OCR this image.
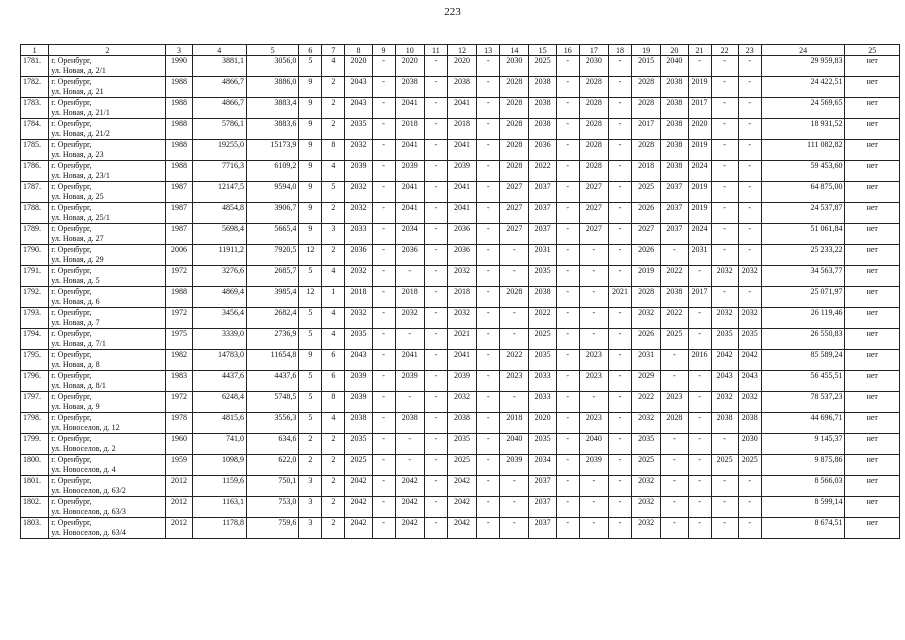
223
1	2	3	4	5	6	7	8	9	10	11	12	13	14	15	16	17	18	19	20	21	22	23	24	25
1781.	г. Оренбург,
ул. Новая, д. 2/1	1990	3881,1	3056,0	5	4	2020	-	2020	-	2020	-	2030	2025	-	2030	-	2015	2040	-	-	-	29 959,83	нет
1782.	г. Оренбург,
ул. Новая, д. 21	1988	4866,7	3886,0	9	2	2043	-	2038	-	2038	-	2028	2038	-	2028	-	2028	2038	2019	-	-	24 422,51	нет
1783.	г. Оренбург,
ул. Новая, д. 21/1	1988	4866,7	3883,4	9	2	2043	-	2041	-	2041	-	2028	2038	-	2028	-	2028	2038	2017	-	-	24 569,65	нет
1784.	г. Оренбург,
ул. Новая, д. 21/2	1988	5786,1	3883,6	9	2	2035	-	2018	-	2018	-	2028	2038	-	2028	-	2017	2038	2020	-	-	18 931,52	нет
1785.	г. Оренбург,
ул. Новая, д. 23	1988	19255,0	15173,9	9	8	2032	-	2041	-	2041	-	2028	2036	-	2028	-	2028	2038	2019	-	-	111 082,82	нет
1786.	г. Оренбург,
ул. Новая, д. 23/1	1988	7716,3	6109,2	9	4	2039	-	2039	-	2039	-	2028	2022	-	2028	-	2018	2038	2024	-	-	59 453,60	нет
1787.	г. Оренбург,
ул. Новая, д. 25	1987	12147,5	9594,0	9	5	2032	-	2041	-	2041	-	2027	2037	-	2027	-	2025	2037	2019	-	-	64 875,00	нет
1788.	г. Оренбург,
ул. Новая, д. 25/1	1987	4854,8	3906,7	9	2	2032	-	2041	-	2041	-	2027	2037	-	2027	-	2026	2037	2019	-	-	24 537,87	нет
1789.	г. Оренбург,
ул. Новая, д. 27	1987	5698,4	5665,4	9	3	2033	-	2034	-	2036	-	2027	2037	-	2027	-	2027	2037	2024	-	-	51 061,84	нет
1790.	г. Оренбург,
ул. Новая, д. 29	2006	11911,2	7920,5	12	2	2036	-	2036	-	2036	-	-	2031	-	-	-	2026	-	2031	-	-	25 233,22	нет
1791.	г. Оренбург,
ул. Новая, д. 5	1972	3276,6	2685,7	5	4	2032	-	-	-	2032	-	-	2035	-	-	-	2019	2022	-	2032	2032	34 563,77	нет
1792.	г. Оренбург,
ул. Новая, д. 6	1988	4869,4	3985,4	12	1	2018	-	2018	-	2018	-	2028	2038	-	-	2021	2028	2038	2017	-	-	25 071,97	нет
1793.	г. Оренбург,
ул. Новая, д. 7	1972	3456,4	2682,4	5	4	2032	-	2032	-	2032	-	-	2022	-	-	-	2032	2022	-	2032	2032	26 119,46	нет
1794.	г. Оренбург,
ул. Новая, д. 7/1	1975	3339,0	2736,9	5	4	2035	-	-	-	2021	-	-	2025	-	-	-	2026	2025	-	2035	2035	26 550,83	нет
1795.	г. Оренбург,
ул. Новая, д. 8	1982	14783,0	11654,8	9	6	2043	-	2041	-	2041	-	2022	2035	-	2023	-	2031	-	2016	2042	2042	85 589,24	нет
1796.	г. Оренбург,
ул. Новая, д. 8/1	1983	4437,6	4437,6	5	6	2039	-	2039	-	2039	-	2023	2033	-	2023	-	2029	-	-	2043	2043	56 455,51	нет
1797.	г. Оренбург,
ул. Новая, д. 9	1972	6248,4	5748,5	5	8	2039	-	-	-	2032	-	-	2033	-	-	-	2022	2023	-	2032	2032	78 537,23	нет
1798.	г. Оренбург,
ул. Новоселов, д. 12	1978	4815,6	3556,3	5	4	2038	-	2038	-	2038	-	2018	2020	-	2023	-	2032	2028	-	2038	2038	44 696,71	нет
1799.	г. Оренбург,
ул. Новоселов, д. 2	1960	741,0	634,6	2	2	2035	-	-	-	2035	-	2040	2035	-	2040	-	2035	-	-	-	2030	9 145,37	нет
1800.	г. Оренбург,
ул. Новоселов, д. 4	1959	1098,9	622,0	2	2	2025	-	-	-	2025	-	2039	2034	-	2039	-	2025	-	-	2025	2025	9 875,86	нет
1801.	г. Оренбург,
ул. Новоселов, д. 63/2	2012	1159,6	750,1	3	2	2042	-	2042	-	2042	-	-	2037	-	-	-	2032	-	-	-	-	8 566,03	нет
1802.	г. Оренбург,
ул. Новоселов, д. 63/3	2012	1163,1	753,0	3	2	2042	-	2042	-	2042	-	-	2037	-	-	-	2032	-	-	-	-	8 599,14	нет
1803.	г. Оренбург,
ул. Новоселов, д. 63/4	2012	1178,8	759,6	3	2	2042	-	2042	-	2042	-	-	2037	-	-	-	2032	-	-	-	-	8 674,51	нет
